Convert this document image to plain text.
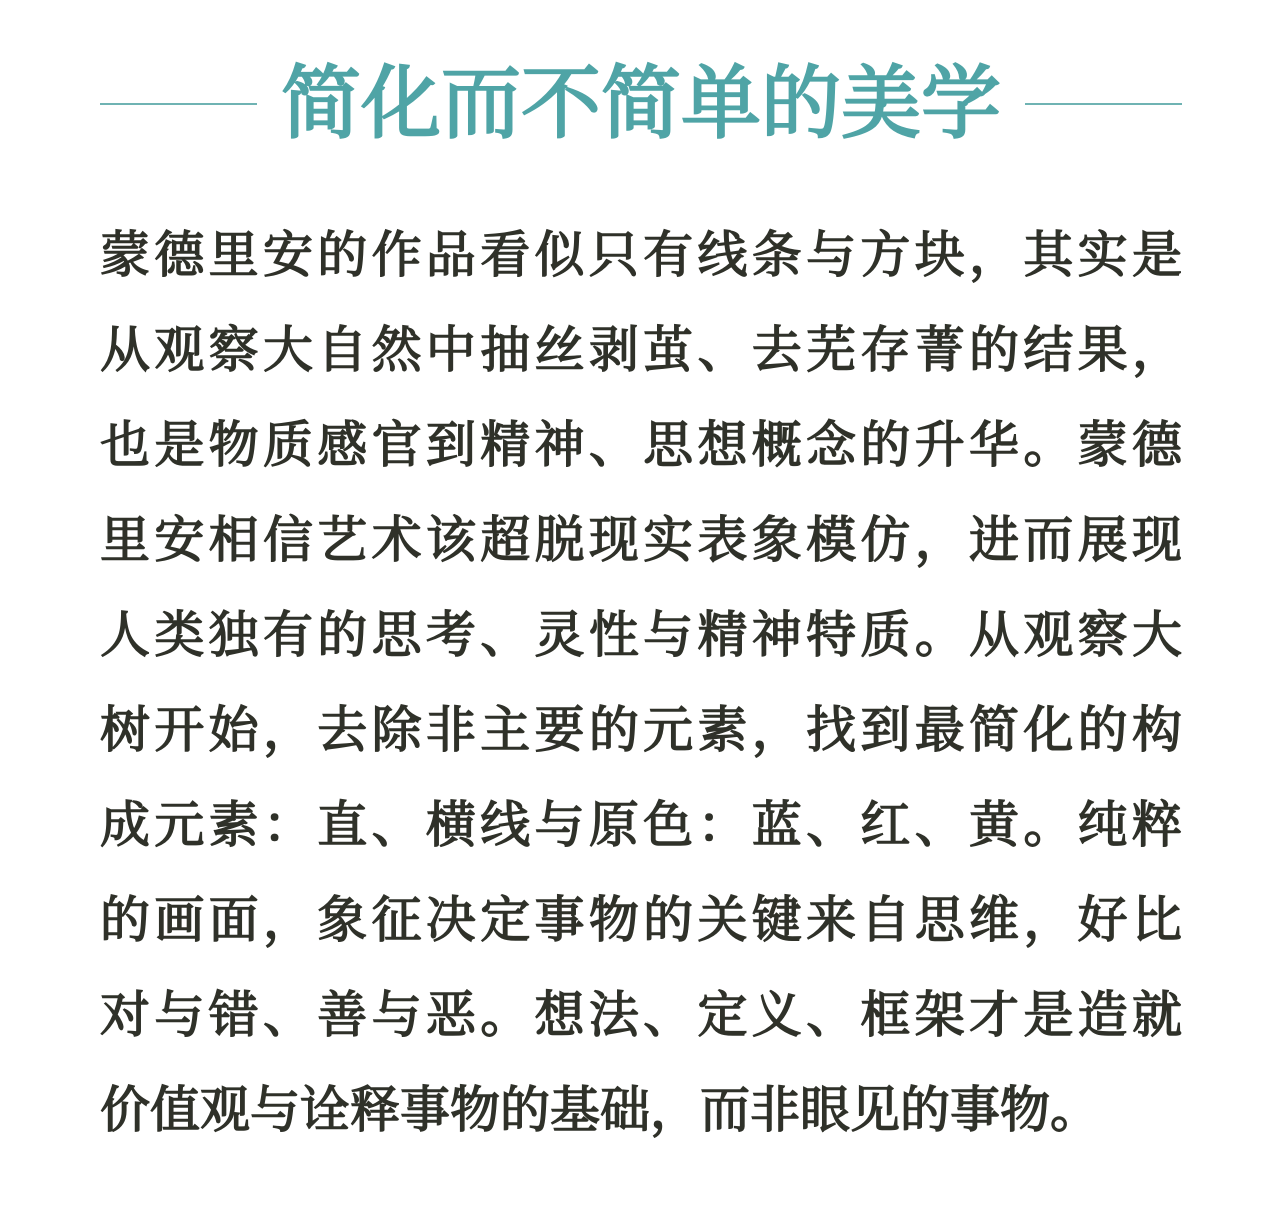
简化而不简单的美学
蒙德里安的作品看似只有线条与方块，其实是
从观察大自然中抽丝剥茧、去芜存菁的结果，
也是物质感官到精神、思想概念的升华。蒙德
里安相信艺术该超脱现实表象模仿，进而展现
人类独有的思考、灵性与精神特质。从观察大
树开始，去除非主要的元素，找到最简化的构
成元素：直、横线与原色：蓝、红、黄。纯粹
的画面，象征决定事物的关键来自思维，好比
对与错、善与恶。想法、定义、框架才是造就
价值观与诠释事物的基础，而非眼见的事物。
